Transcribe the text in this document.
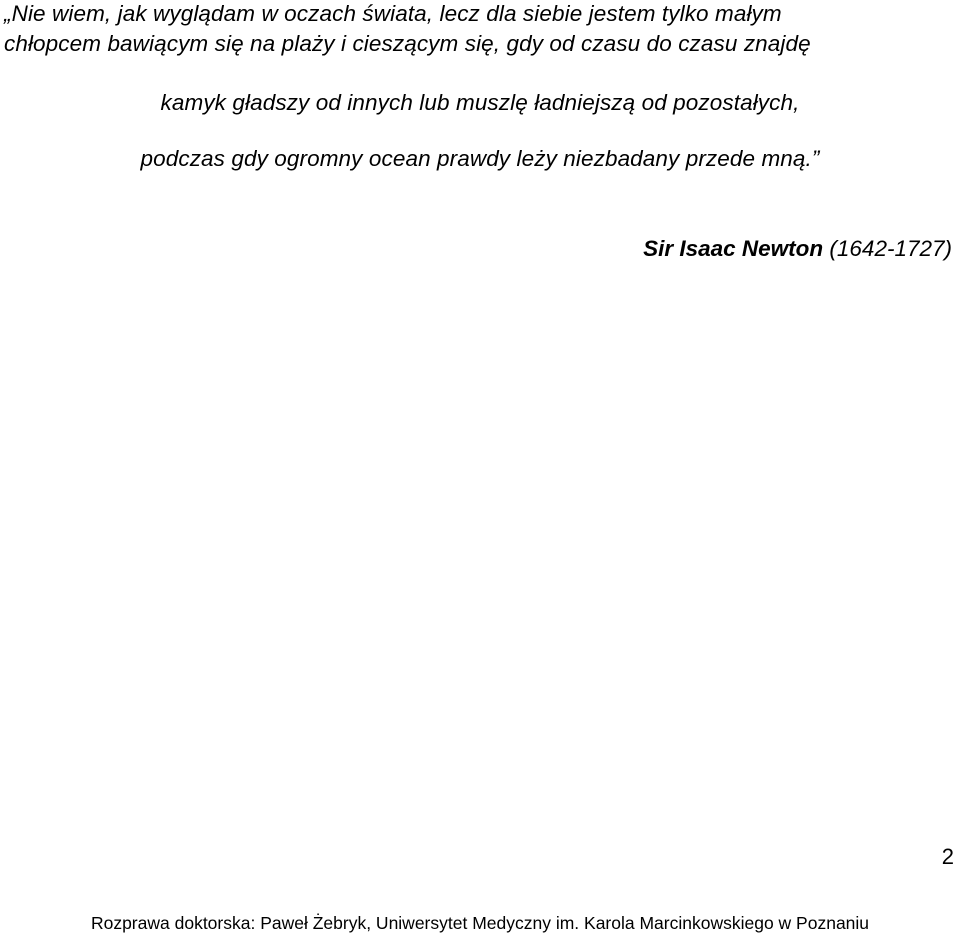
„Nie wiem, jak wyglądam w oczach świata, lecz dla siebie jestem tylko małym
chłopcem bawiącym się na plaży i cieszącym się, gdy od czasu do czasu znajdę
kamyk gładszy od innych lub muszlę ładniejszą od pozostałych,
podczas gdy ogromny ocean prawdy leży niezbadany przede mną.”
Sir Isaac Newton (1642-1727)
2
Rozprawa doktorska: Paweł Żebryk, Uniwersytet Medyczny im. Karola Marcinkowskiego w Poznaniu
